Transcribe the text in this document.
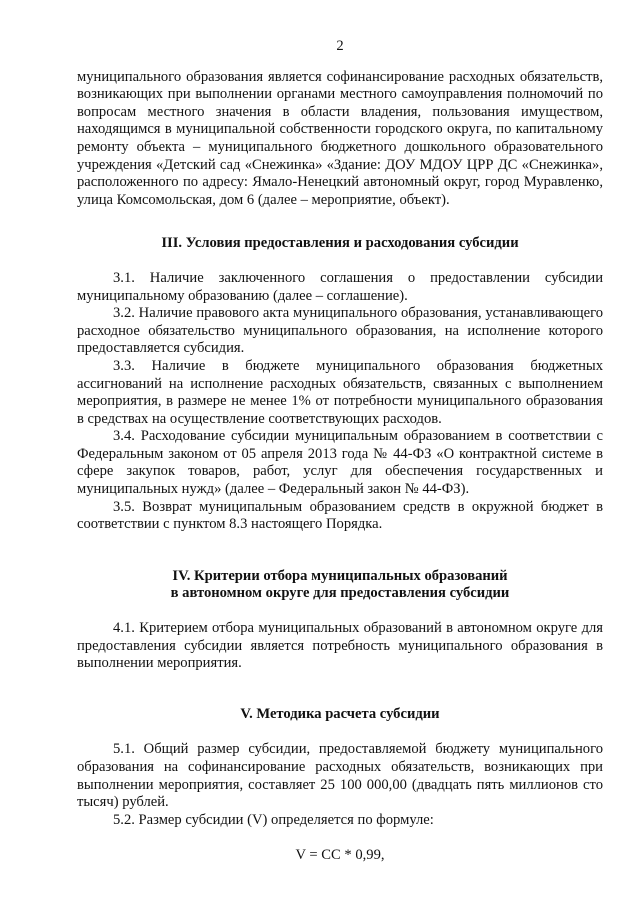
2

муниципального образования является софинансирование расходных обязательств, возникающих при выполнении органами местного самоуправления полномочий по вопросам местного значения в области владения, пользования имуществом, находящимся в муниципальной собственности городского округа, по капитальному ремонту объекта – муниципального бюджетного дошкольного образовательного учреждения «Детский сад «Снежинка» «Здание: ДОУ МДОУ ЦРР ДС «Снежинка», расположенного по адресу: Ямало-Ненецкий автономный округ, город Муравленко, улица Комсомольская, дом 6 (далее – мероприятие, объект).

III. Условия предоставления и расходования субсидии

3.1. Наличие заключенного соглашения о предоставлении субсидии муниципальному образованию (далее – соглашение).

3.2. Наличие правового акта муниципального образования, устанавливающего расходное обязательство муниципального образования, на исполнение которого предоставляется субсидия.

3.3. Наличие в бюджете муниципального образования бюджетных ассигнований на исполнение расходных обязательств, связанных с выполнением мероприятия, в размере не менее 1% от потребности муниципального образования в средствах на осуществление соответствующих расходов.

3.4. Расходование субсидии муниципальным образованием в соответствии с Федеральным законом от 05 апреля 2013 года № 44-ФЗ «О контрактной системе в сфере закупок товаров, работ, услуг для обеспечения государственных и муниципальных нужд» (далее – Федеральный закон № 44-ФЗ).

3.5. Возврат муниципальным образованием средств в окружной бюджет в соответствии с пунктом 8.3 настоящего Порядка.

IV. Критерии отбора муниципальных образований
в автономном округе для предоставления субсидии

4.1. Критерием отбора муниципальных образований в автономном округе для предоставления субсидии является потребность муниципального образования в выполнении мероприятия.

V. Методика расчета субсидии

5.1. Общий размер субсидии, предоставляемой бюджету муниципального образования на софинансирование расходных обязательств, возникающих при выполнении мероприятия, составляет 25 100 000,00 (двадцать пять миллионов сто тысяч) рублей.

5.2. Размер субсидии (V) определяется по формуле:

V = CC * 0,99,
